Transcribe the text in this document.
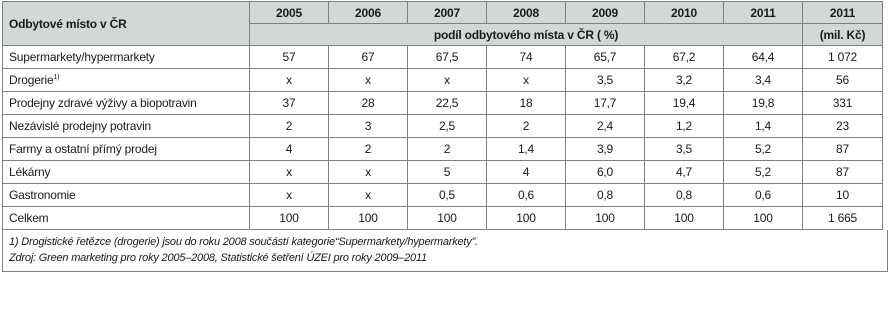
Odbytové místo v ČR	2005	2006	2007	2008	2009	2010	2011	2011
	podíl odbytového místa v ČR ( %)							(mil. Kč)
Supermarkety/hypermarkety	57	67	67,5	74	65,7	67,2	64,4	1 072
Drogerie$^{1)}$	x	x	x	x	3,5	3,2	3,4	56
Prodejny zdravé výživy a biopotravin	37	28	22,5	18	17,7	19,4	19,8	331
Nezávislé prodejny potravin	2	3	2,5	2	2,4	1,2	1,4	23
Farmy a ostatní přímý prodej	4	2	2	1,4	3,9	3,5	5,2	87
Lékárny	x	x	5	4	6,0	4,7	5,2	87
Gastronomie	x	x	0,5	0,6	0,8	0,8	0,6	10
Celkem	100	100	100	100	100	100	100	1 665
1) Drogistické řetězce (drogerie) jsou do roku 2008 součástí kategorie“Supermarkety/hypermarkety”.
Zdroj: Green marketing pro roky 2005–2008, Statistické šetření ÚZEI pro roky 2009–2011
